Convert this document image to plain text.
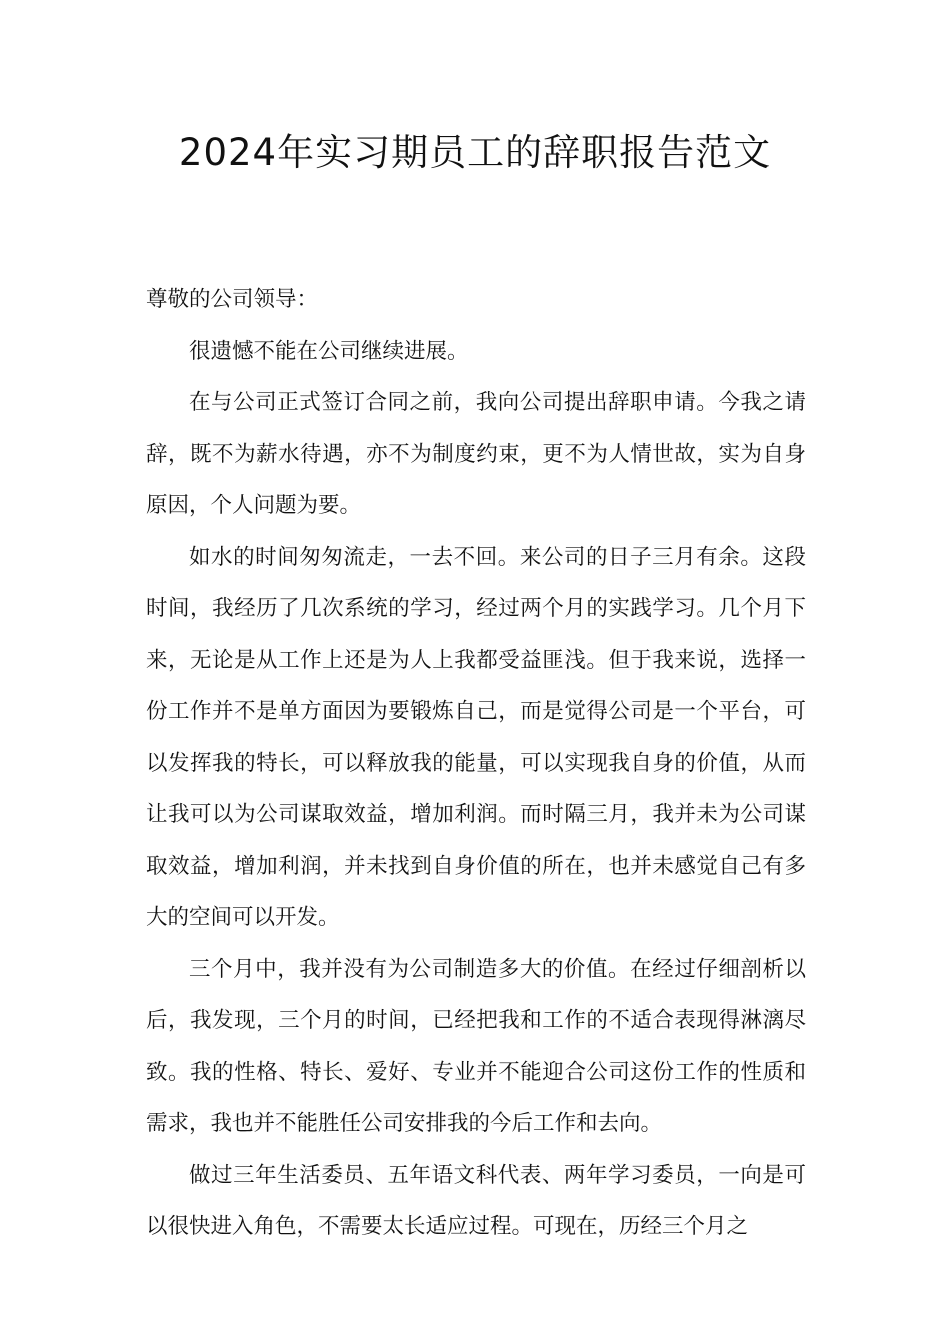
2024年实习期员工的辞职报告范文

尊敬的公司领导：

很遗憾不能在公司继续进展。

在与公司正式签订合同之前，我向公司提出辞职申请。今我之请辞，既不为薪水待遇，亦不为制度约束，更不为人情世故，实为自身原因，个人问题为要。

如水的时间匆匆流走，一去不回。来公司的日子三月有余。这段时间，我经历了几次系统的学习，经过两个月的实践学习。几个月下来，无论是从工作上还是为人上我都受益匪浅。但于我来说，选择一份工作并不是单方面因为要锻炼自己，而是觉得公司是一个平台，可以发挥我的特长，可以释放我的能量，可以实现我自身的价值，从而让我可以为公司谋取效益，增加利润。而时隔三月，我并未为公司谋取效益，增加利润，并未找到自身价值的所在，也并未感觉自己有多大的空间可以开发。

三个月中，我并没有为公司制造多大的价值。在经过仔细剖析以后，我发现，三个月的时间，已经把我和工作的不适合表现得淋漓尽致。我的性格、特长、爱好、专业并不能迎合公司这份工作的性质和需求，我也并不能胜任公司安排我的今后工作和去向。

做过三年生活委员、五年语文科代表、两年学习委员，一向是可以很快进入角色，不需要太长适应过程。可现在，历经三个月之
